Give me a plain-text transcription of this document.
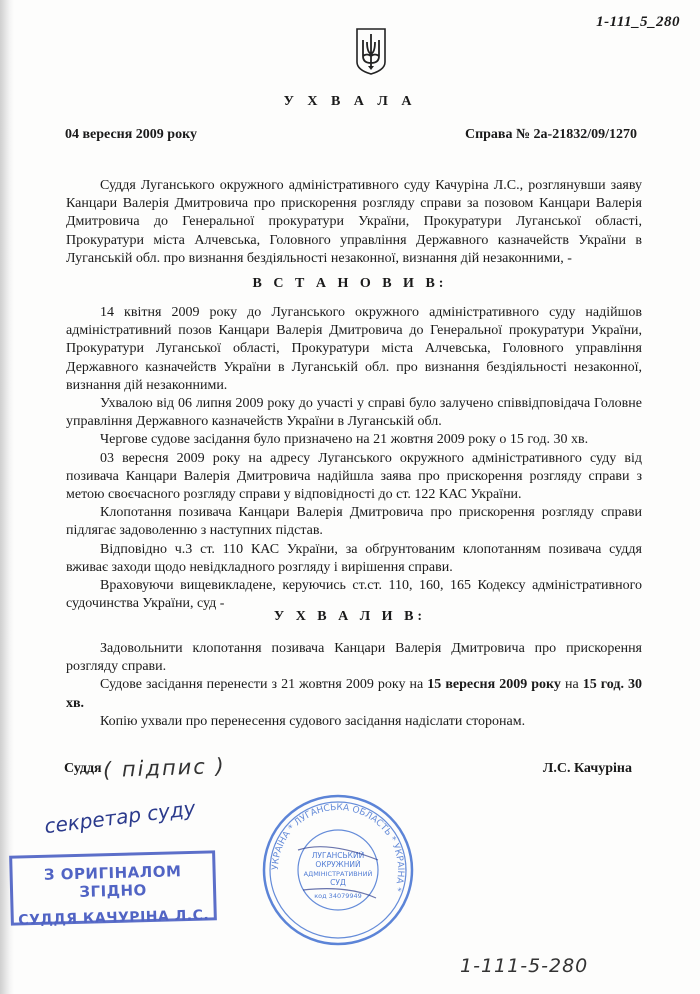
1-111_5_280
У Х В А Л А
04 вересня 2009 року	Справа № 2а-21832/09/1270

Суддя Луганського окружного адміністративного суду Качуріна Л.С., розглянувши заяву Канцари Валерія Дмитровича про прискорення розгляду справи за позовом Канцари Валерія Дмитровича до Генеральної прокуратури України, Прокуратури Луганської області, Прокуратури міста Алчевська, Головного управління Державного казначейств України в Луганській обл. про визнання бездіяльності незаконної, визнання дій незаконними, -

В С Т А Н О В И В:

14 квітня 2009 року до Луганського окружного адміністративного суду надійшов адміністративний позов Канцари Валерія Дмитровича до Генеральної прокуратури України, Прокуратури Луганської області, Прокуратури міста Алчевська, Головного управління Державного казначейств України в Луганській обл. про визнання бездіяльності незаконної, визнання дій незаконними.

Ухвалою від 06 липня 2009 року до участі у справі було залучено співвідповідача Головне управління Державного казначейств України в Луганській обл.

Чергове судове засідання було призначено на 21 жовтня 2009 року о 15 год. 30 хв.

03 вересня 2009 року на адресу Луганського окружного адміністративного суду від позивача Канцари Валерія Дмитровича надійшла заява про прискорення розгляду справи з метою своєчасного розгляду справи у відповідності до ст. 122 КАС України.

Клопотання позивача Канцари Валерія Дмитровича про прискорення розгляду справи підлягає задоволенню з наступних підстав.

Відповідно ч.3 ст. 110 КАС України, за обґрунтованим клопотанням позивача суддя вживає заходи щодо невідкладного розгляду і вирішення справи.

Враховуючи вищевикладене, керуючись ст.ст. 110, 160, 165 Кодексу адміністративного судочинства України, суд -

У Х В А Л И В:

Задовольнити клопотання позивача Канцари Валерія Дмитровича про прискорення розгляду справи.

Судове засідання перенести з 21 жовтня 2009 року на 15 вересня 2009 року на 15 год. 30 хв.

Копію ухвали про перенесення судового засідання надіслати сторонам.

Суддя ( підпис )	Л.С. Качуріна
секретар суду
З ОРИГІНАЛОМ ЗГІДНО
СУДДЯ КАЧУРІНА Л.С.
УКРАЇНА * ЛУГАНСЬКА ОБЛАСТЬ * УКРАЇНА *
ЛУГАНСЬКИЙ
ОКРУЖНИЙ
АДМІНІСТРАТИВНИЙ
СУД
код 34079949
1-111-5-280
